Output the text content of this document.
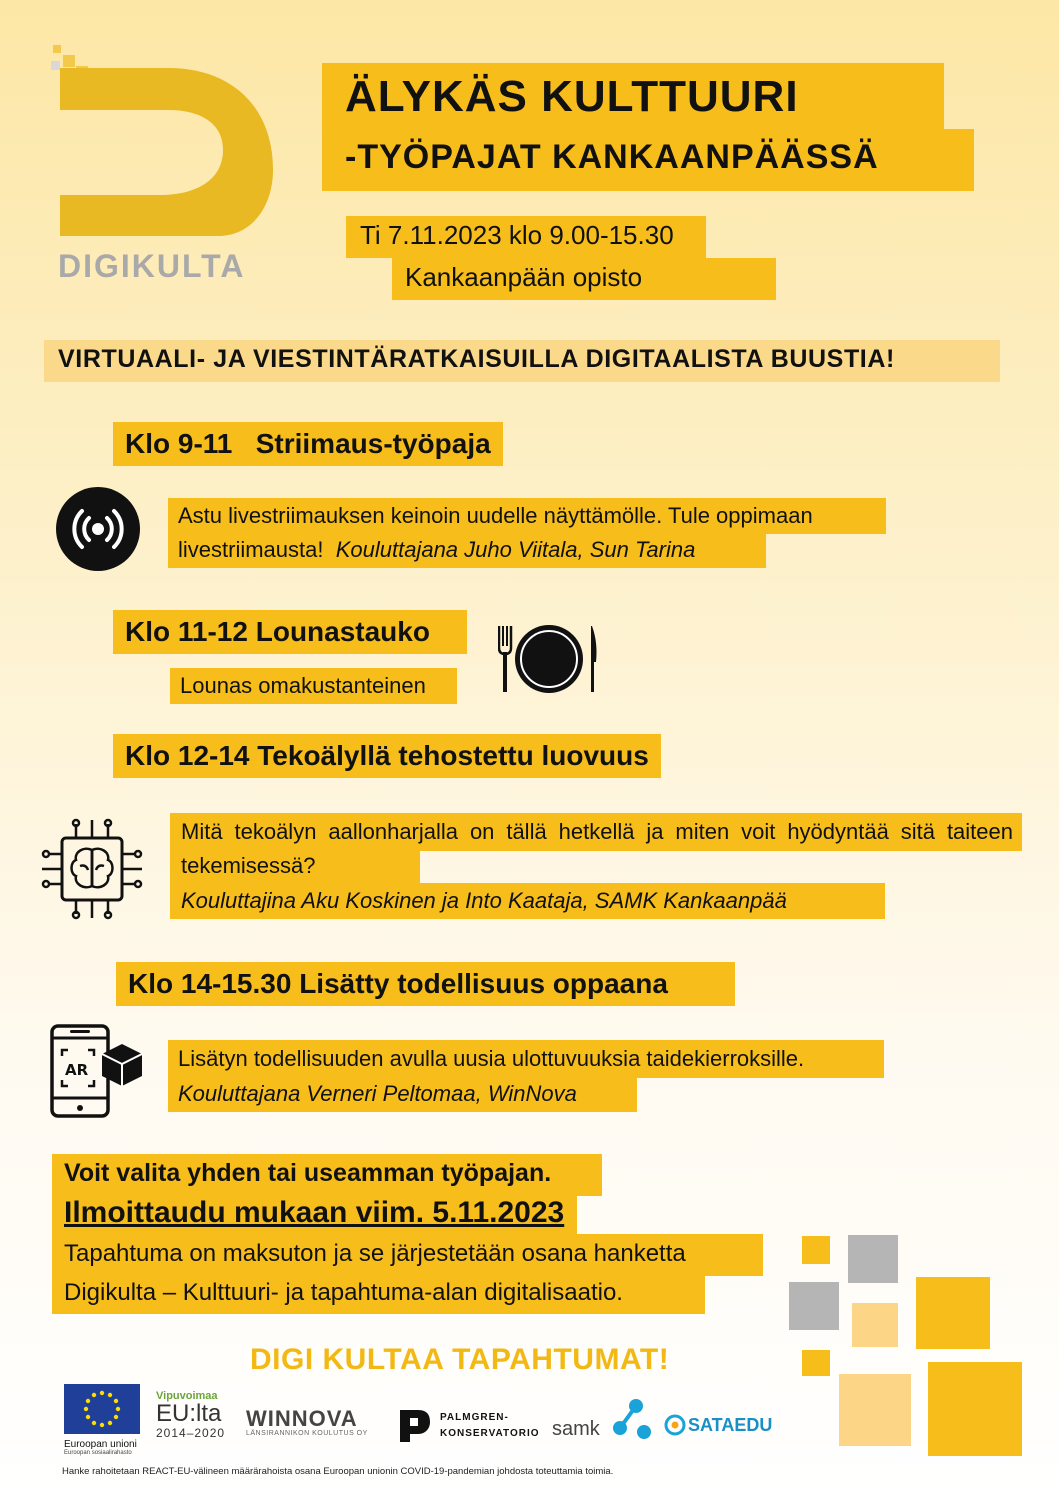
DIGIKULTA
ÄLYKÄS KULTTUURI
-TYÖPAJAT KANKAANPÄÄSSÄ
Ti 7.11.2023 klo 9.00-15.30
Kankaanpään opisto
VIRTUAALI- JA VIESTINTÄRATKAISUILLA DIGITAALISTA BUUSTIA!
Klo 9-11   Striimaus-työpaja
Astu livestriimauksen keinoin uudelle näyttämölle. Tule oppimaan livestriimausta! Kouluttajana Juho Viitala, Sun Tarina
Klo 11-12 Lounastauko
Lounas omakustanteinen
Klo 12-14 Tekoälyllä tehostettu luovuus
Mitä tekoälyn aallonharjalla on tällä hetkellä ja miten voit hyödyntää sitä taiteen tekemisessä?
Kouluttajina Aku Koskinen ja Into Kaataja, SAMK Kankaanpää
Klo 14-15.30 Lisätty todellisuus oppaana
AR	Lisätyn todellisuuden avulla uusia ulottuvuuksia taidekierroksille.
Kouluttajana Verneri Peltomaa, WinNova
Voit valita yhden tai useamman työpajan.
Ilmoittaudu mukaan viim. 5.11.2023
Tapahtuma on maksuton ja se järjestetään osana hanketta
Digikulta – Kulttuuri- ja tapahtuma-alan digitalisaatio.
DIGI KULTAA TAPAHTUMAT!
Euroopan unioni
Euroopan sosiaalirahasto
Vipuvoimaa
EU:lta
2014–2020
WINNOVA
LÄNSIRANNIKON KOULUTUS OY
PALMGREN-
KONSERVATORIO samk	SATAEDU
Hanke rahoitetaan REACT-EU-välineen määrärahoista osana Euroopan unionin COVID-19-pandemian johdosta toteuttamia toimia.
